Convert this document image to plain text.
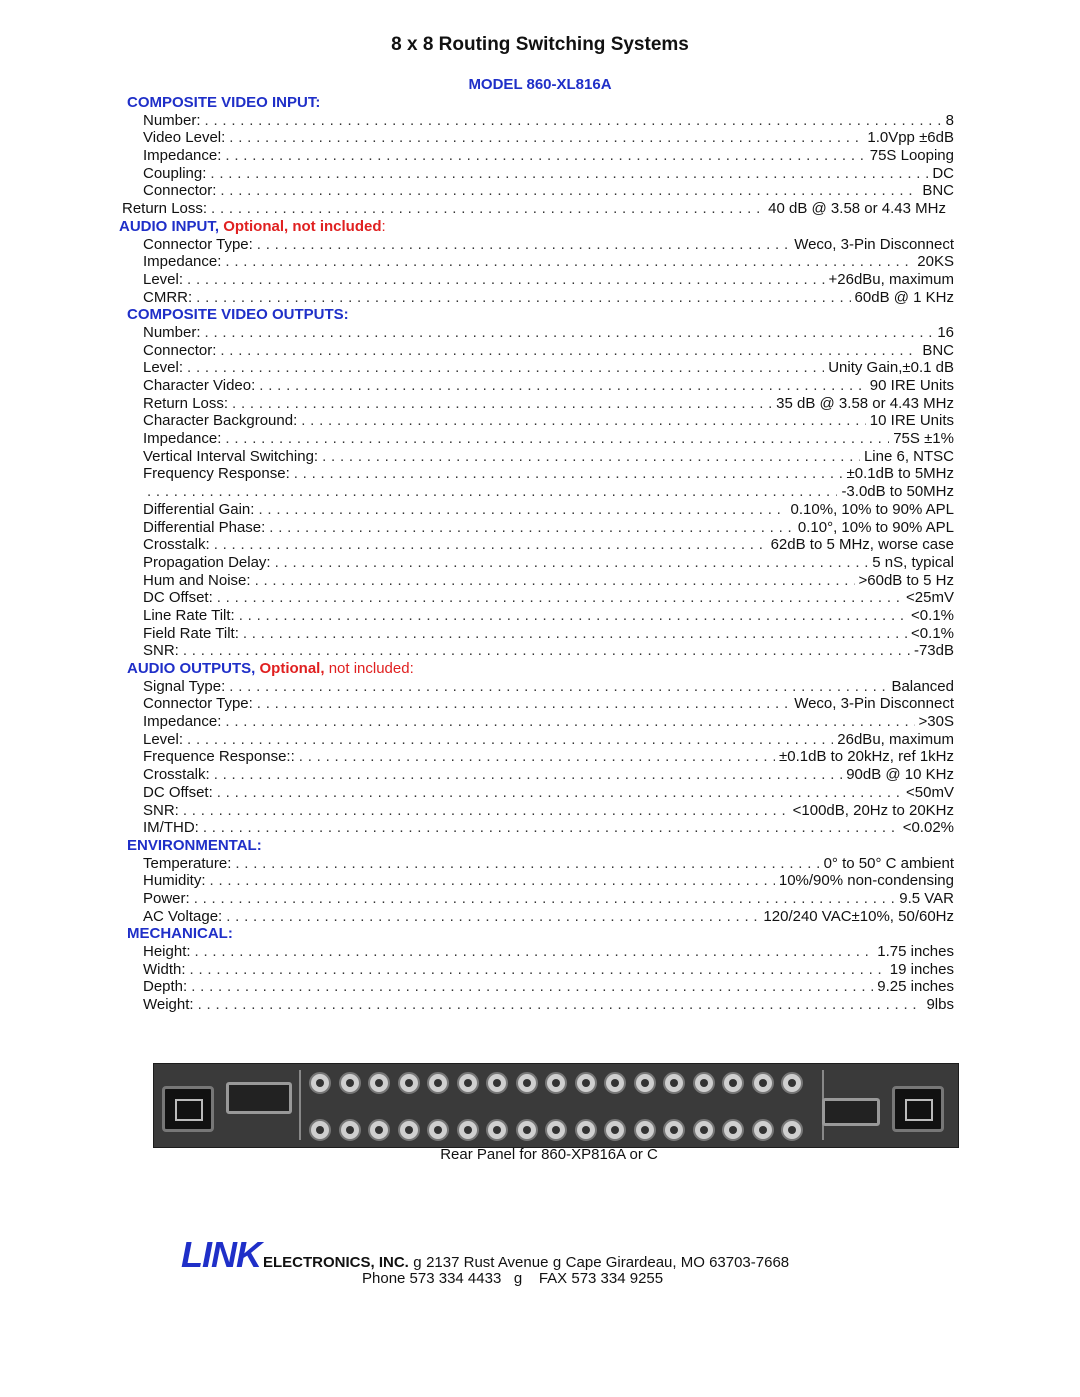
8 x 8 Routing Switching Systems
MODEL 860-XL816A
COMPOSITE VIDEO INPUT:
Number: . . .	8
Video Level: . . .	1.0Vpp ±6dB
Impedance: . . .	75S Looping
Coupling: . . .	DC
Connector: . . .	BNC
Return Loss: . . .	40 dB @ 3.58 or 4.43 MHz
AUDIO INPUT, Optional, not included:
Connector Type: . . .	Weco, 3-Pin Disconnect
Impedance: . . .	20KS
Level: . . .	+26dBu, maximum
CMRR: . . .	60dB @ 1 KHz
COMPOSITE VIDEO OUTPUTS:
Number: . . .	16
Connector: . . .	BNC
Level: . . .	Unity Gain,±0.1 dB
Character Video: . . .	90 IRE Units
Return Loss: . . .	35 dB @ 3.58 or 4.43 MHz
Character Background: . . .	10 IRE Units
Impedance: . . .	75S ±1%
Vertical Interval Switching: . . .	Line 6, NTSC
Frequency Response: . . .	±0.1dB to 5MHz
. . .
-3.0dB to 50MHz
Differential Gain: . . .	0.10%, 10% to 90% APL
Differential Phase: . . .	0.10°, 10% to 90% APL
Crosstalk: . . .	62dB to 5 MHz, worse case
Propagation Delay: . . .	5 nS, typical
Hum and Noise: . . .	>60dB to 5 Hz
DC Offset: . . .	<25mV
Line Rate Tilt: . . .	<0.1%
Field Rate Tilt: . . .	<0.1%
SNR: . . .	-73dB
AUDIO OUTPUTS, Optional, not included:
Signal Type: . . .	Balanced
Connector Type: . . .	Weco, 3-Pin Disconnect
Impedance: . . .	>30S
Level: . . .	26dBu, maximum
Frequence Response:: . . .	±0.1dB to 20kHz, ref 1kHz
Crosstalk: . . .	90dB @ 10 KHz
DC Offset: . . .	<50mV
SNR: . . .	<100dB, 20Hz to 20KHz
IM/THD: . . .	<0.02%
ENVIRONMENTAL:
Temperature: . . .	0° to 50° C ambient
Humidity: . . .	10%/90% non-condensing
Power: . . .	9.5 VAR
AC Voltage: . . .	120/240 VAC±10%, 50/60Hz
MECHANICAL:
Height: . . .	1.75 inches
Width: . . .	19 inches
Depth: . . .	9.25 inches
Weight: . . .	9lbs
Rear Panel for 860-XP816A or C
LINK ELECTRONICS, INC. g 2137 Rust Avenue g Cape Girardeau, MO 63703-7668
Phone 573 334 4433 g FAX 573 334 9255
